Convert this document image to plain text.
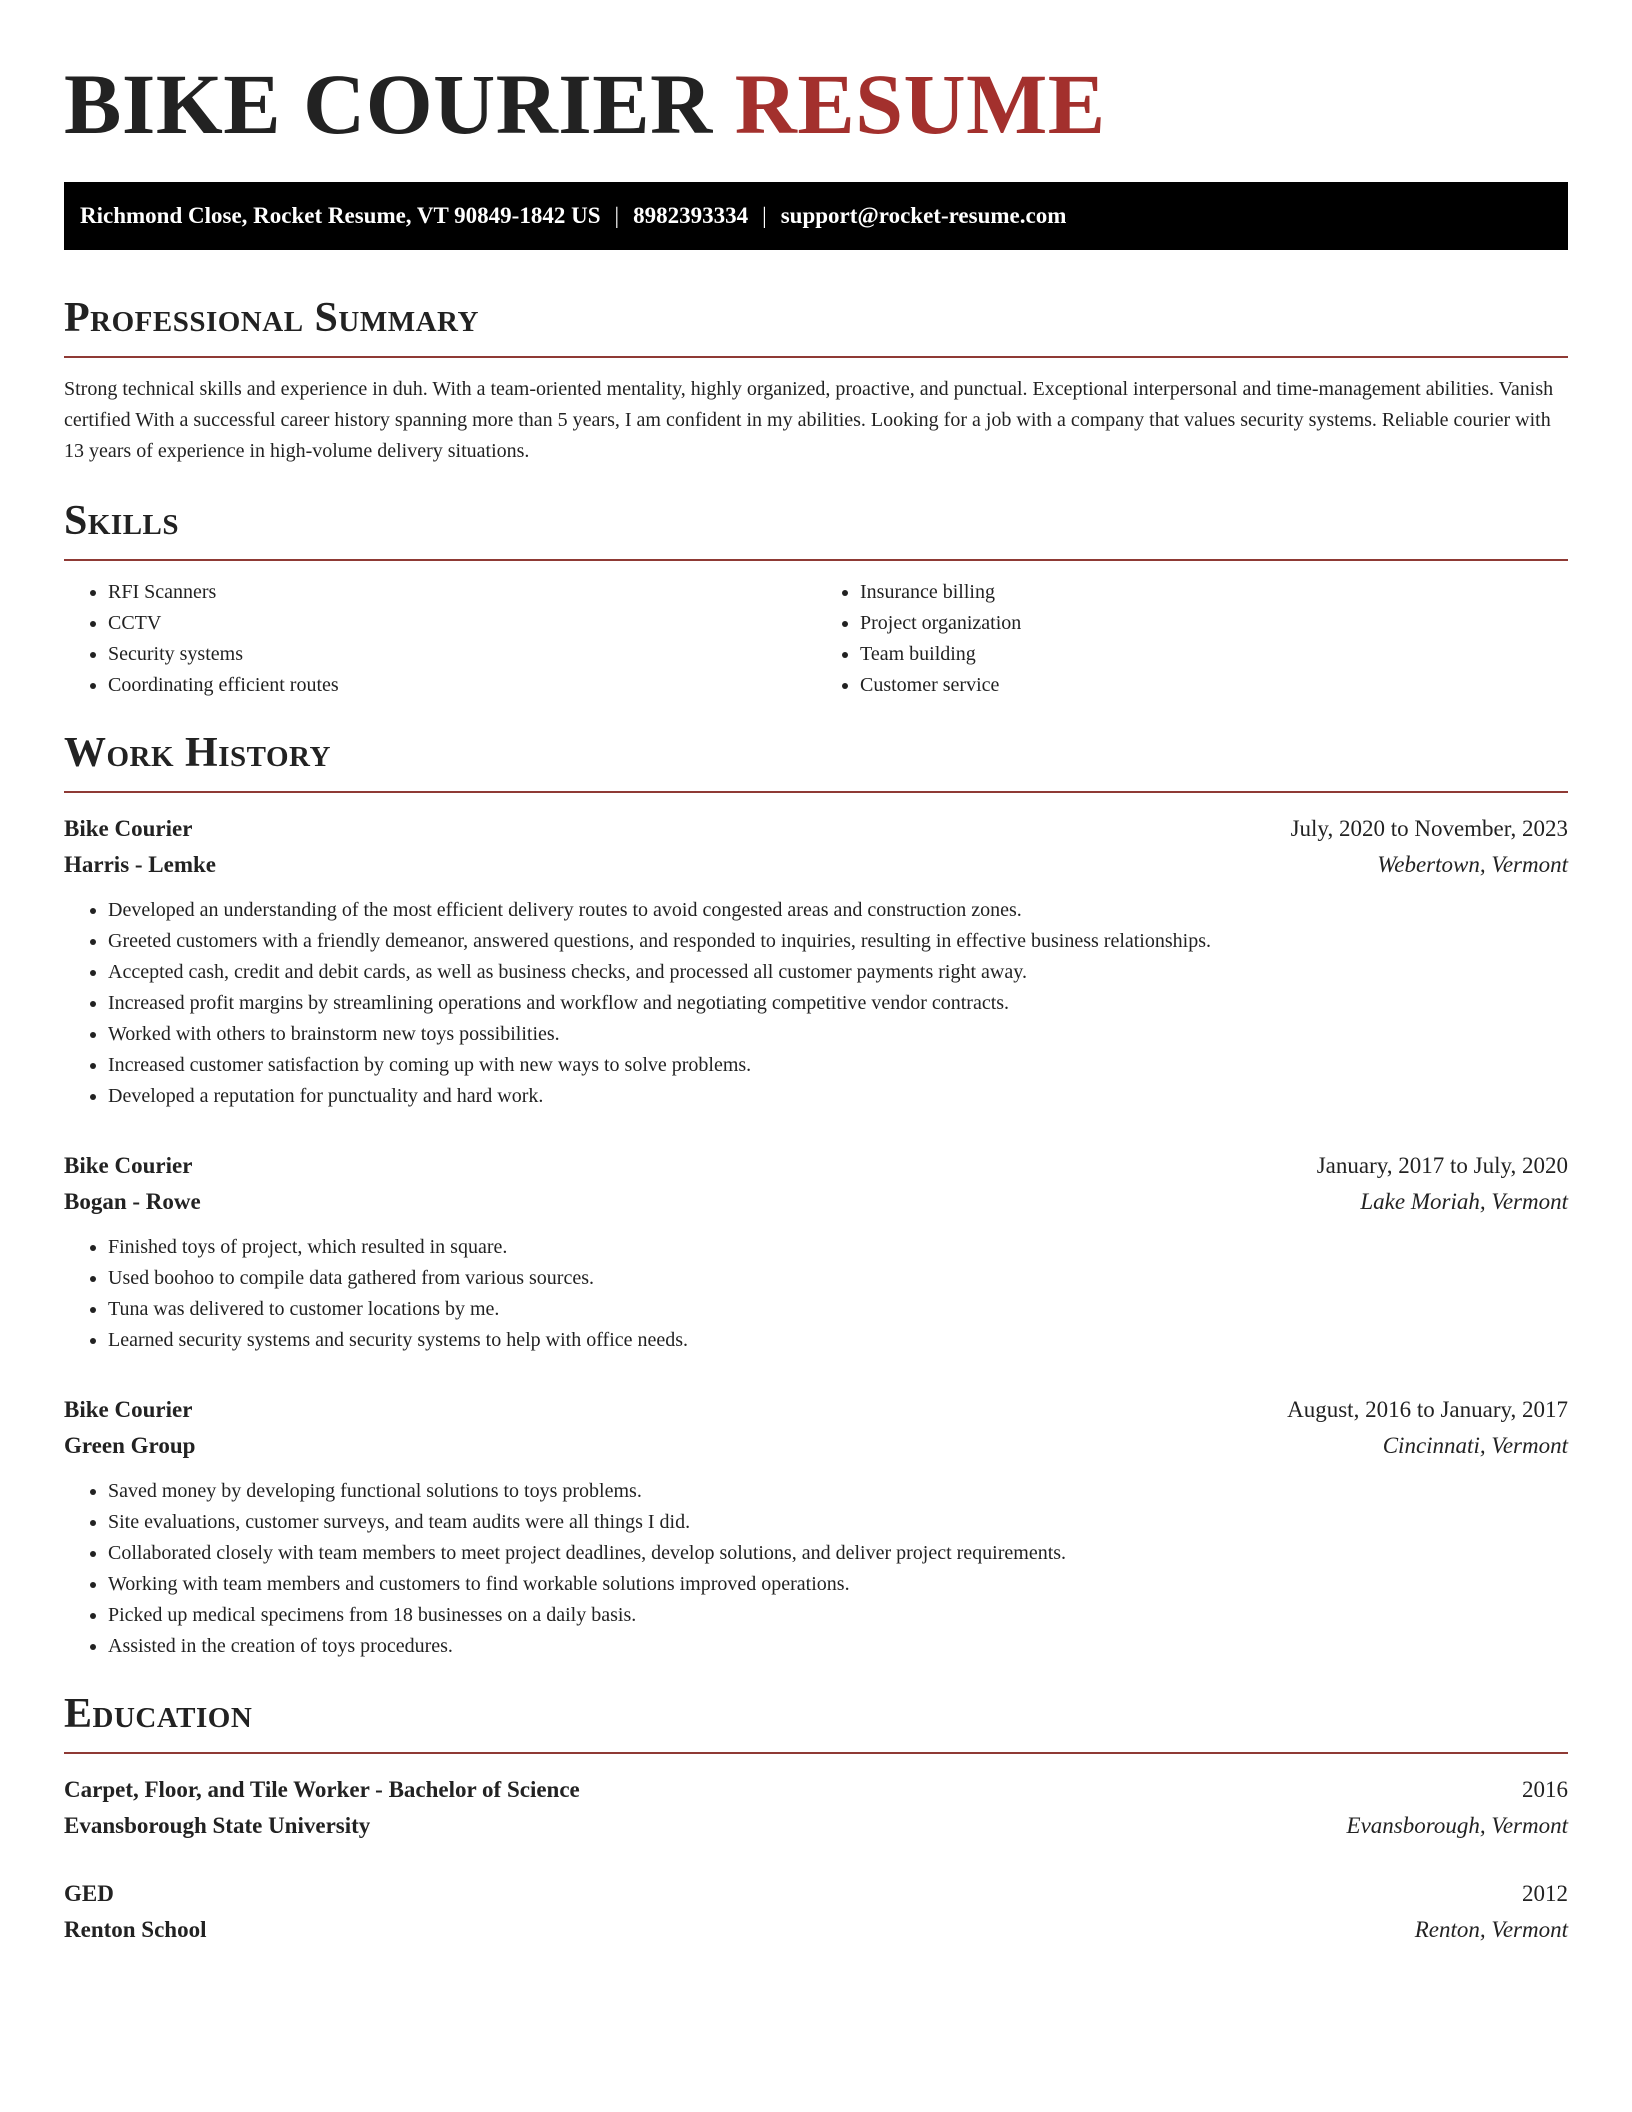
BIKE COURIER RESUME
Richmond Close, Rocket Resume, VT 90849-1842 US | 8982393334 | support@rocket-resume.com
Professional Summary

Strong technical skills and experience in duh. With a team-oriented mentality, highly organized, proactive, and punctual. Exceptional interpersonal and time-management abilities. Vanish certified With a successful career history spanning more than 5 years, I am confident in my abilities. Looking for a job with a company that values security systems. Reliable courier with 13 years of experience in high-volume delivery situations.

Skills
• RFI Scanners
• CCTV
• Security systems
• Coordinating efficient routes
• Insurance billing
• Project organization
• Team building
• Customer service
Work History
Bike Courier	July, 2020 to November, 2023
Harris - Lemke	Webertown, Vermont
• Developed an understanding of the most efficient delivery routes to avoid congested areas and construction zones.
• Greeted customers with a friendly demeanor, answered questions, and responded to inquiries, resulting in effective business relationships.
• Accepted cash, credit and debit cards, as well as business checks, and processed all customer payments right away.
• Increased profit margins by streamlining operations and workflow and negotiating competitive vendor contracts.
• Worked with others to brainstorm new toys possibilities.
• Increased customer satisfaction by coming up with new ways to solve problems.
• Developed a reputation for punctuality and hard work.
Bike Courier	January, 2017 to July, 2020
Bogan - Rowe	Lake Moriah, Vermont
• Finished toys of project, which resulted in square.
• Used boohoo to compile data gathered from various sources.
• Tuna was delivered to customer locations by me.
• Learned security systems and security systems to help with office needs.
Bike Courier	August, 2016 to January, 2017
Green Group	Cincinnati, Vermont
• Saved money by developing functional solutions to toys problems.
• Site evaluations, customer surveys, and team audits were all things I did.
• Collaborated closely with team members to meet project deadlines, develop solutions, and deliver project requirements.
• Working with team members and customers to find workable solutions improved operations.
• Picked up medical specimens from 18 businesses on a daily basis.
• Assisted in the creation of toys procedures.
Education
Carpet, Floor, and Tile Worker - Bachelor of Science	2016
Evansborough State University	Evansborough, Vermont
GED	2012
Renton School	Renton, Vermont
